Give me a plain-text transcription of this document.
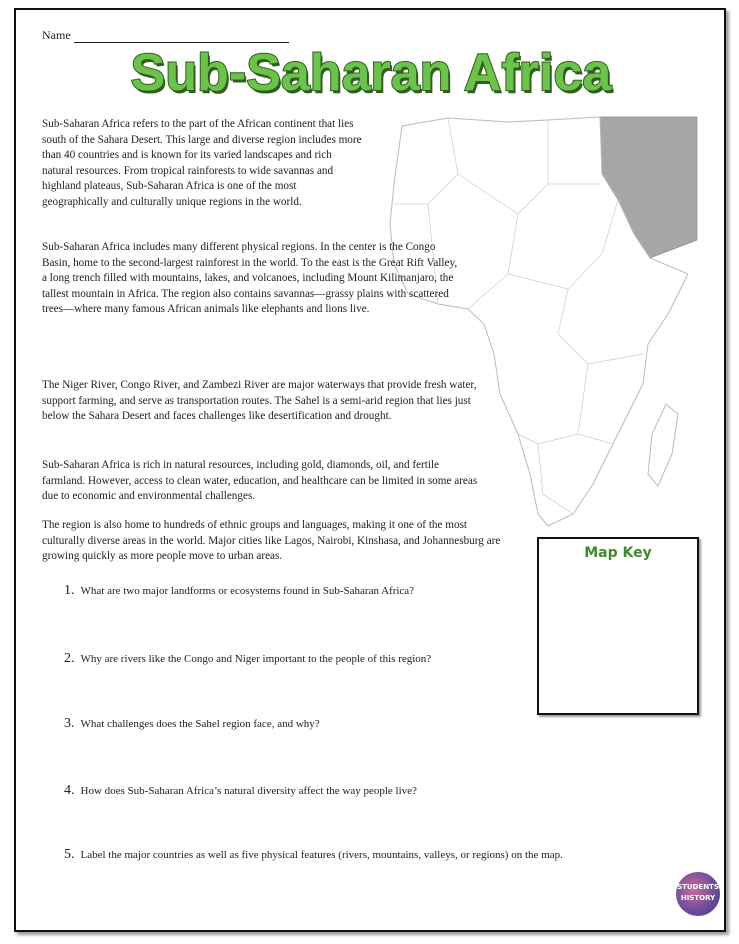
Name
Sub-Saharan Africa

Sub-Saharan Africa refers to the part of the African continent that lies south of the Sahara Desert. This large and diverse region includes more than 40 countries and is known for its varied landscapes and rich natural resources. From tropical rainforests to wide savannas and highland plateaus, Sub-Saharan Africa is one of the most geographically and culturally unique regions in the world.

Sub-Saharan Africa includes many different physical regions. In the center is the Congo Basin, home to the second-largest rainforest in the world. To the east is the Great Rift Valley, a long trench filled with mountains, lakes, and volcanoes, including Mount Kilimanjaro, the tallest mountain in Africa. The region also contains savannas—grassy plains with scattered trees—where many famous African animals like elephants and lions live.

The Niger River, Congo River, and Zambezi River are major waterways that provide fresh water, support farming, and serve as transportation routes. The Sahel is a semi-arid region that lies just below the Sahara Desert and faces challenges like desertification and drought.

Sub-Saharan Africa is rich in natural resources, including gold, diamonds, oil, and fertile farmland. However, access to clean water, education, and healthcare can be limited in some areas due to economic and environmental challenges.

The region is also home to hundreds of ethnic groups and languages, making it one of the most culturally diverse areas in the world. Major cities like Lagos, Nairobi, Kinshasa, and Johannesburg are growing quickly as more people move to urban areas.

1. What are two major landforms or ecosystems found in Sub-Saharan Africa?
2. Why are rivers like the Congo and Niger important to the people of this region?
3. What challenges does the Sahel region face, and why?
4. How does Sub-Saharan Africa’s natural diversity affect the way people live?
5. Label the major countries as well as five physical features (rivers, mountains, valleys, or regions) on the map.
Map Key
STUDENTS
HISTORY
